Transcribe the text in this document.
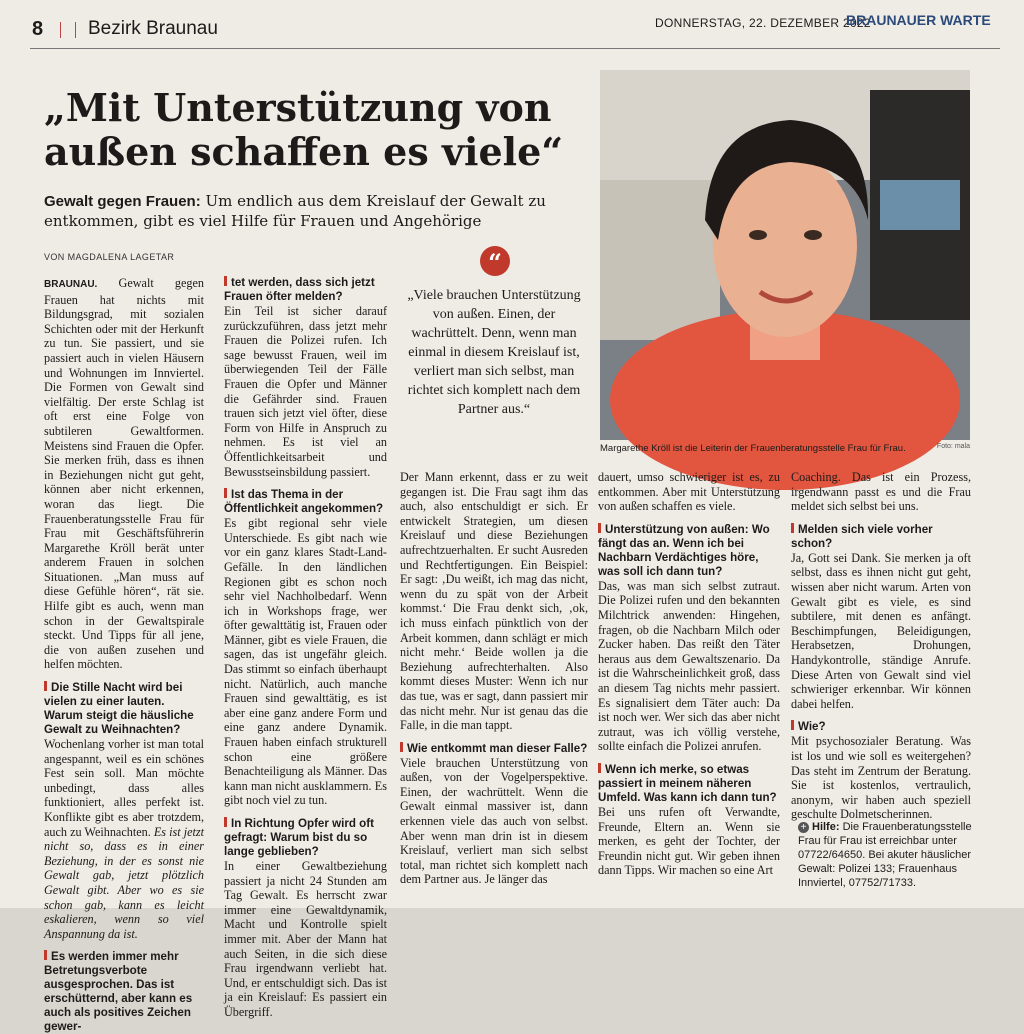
8 Bezirk Braunau	DONNERSTAG, 22. DEZEMBER 2022
BRAUNAUER WARTE
„Mit Unterstützung von
außen schaffen es viele“
Gewalt gegen Frauen: Um endlich aus dem Kreislauf der Gewalt zu entkommen, gibt es viel Hilfe für Frauen und Angehörige
VON MAGDALENA LAGETAR
Margarethe Kröll ist die Leiterin der Frauenberatungsstelle Frau für Frau.	Foto: mala
“
„Viele brauchen Unterstützung von außen. Einen, der wachrüttelt. Denn, wenn man einmal in diesem Kreislauf ist, verliert man sich selbst, man richtet sich komplett nach dem Partner aus.“

BRAUNAU. Gewalt gegen Frauen hat nichts mit Bildungsgrad, mit sozialen Schichten oder mit der Herkunft zu tun. Sie passiert, und sie passiert auch in vielen Häusern und Wohnungen im Innviertel. Die Formen von Gewalt sind vielfältig. Der erste Schlag ist oft erst eine Folge von subtileren Gewaltformen. Meistens sind Frauen die Opfer. Sie merken früh, dass es ihnen in Beziehungen nicht gut geht, können aber nicht erkennen, woran das liegt. Die Frauenberatungsstelle Frau für Frau mit Geschäftsführerin Margarethe Kröll berät unter anderem Frauen in solchen Situationen. „Man muss auf diese Gefühle hören“, rät sie. Hilfe gibt es auch, wenn man schon in der Gewaltspirale steckt. Und Tipps für all jene, die von außen zusehen und helfen möchten.

Die Stille Nacht wird bei vielen zu einer lauten. Warum steigt die häusliche Gewalt zu Weihnachten?

Wochenlang vorher ist man total angespannt, weil es ein schönes Fest sein soll. Man möchte unbedingt, dass alles funktioniert, alles perfekt ist. Konflikte gibt es aber trotzdem, auch zu Weihnachten. Es ist jetzt nicht so, dass es in einer Beziehung, in der es sonst nie Gewalt gab, jetzt plötzlich Gewalt gibt. Aber wo es sie schon gab, kann es leicht eskalieren, wenn so viel Anspannung da ist.

Es werden immer mehr Betretungsverbote ausgesprochen. Das ist erschütternd, aber kann es auch als positives Zeichen gewer-

tet werden, dass sich jetzt Frauen öfter melden?

Ein Teil ist sicher darauf zurückzuführen, dass jetzt mehr Frauen die Polizei rufen. Ich sage bewusst Frauen, weil im überwiegenden Teil der Fälle Frauen die Opfer und Männer die Gefährder sind. Frauen trauen sich jetzt viel öfter, diese Form von Hilfe in Anspruch zu nehmen. Es ist viel an Öffentlichkeitsarbeit und Bewusstseinsbildung passiert.

Ist das Thema in der Öffentlichkeit angekommen?

Es gibt regional sehr viele Unterschiede. Es gibt nach wie vor ein ganz klares Stadt-Land-Gefälle. In den ländlichen Regionen gibt es schon noch sehr viel Nachholbedarf. Wenn ich in Workshops frage, wer öfter gewalttätig ist, Frauen oder Männer, gibt es viele Frauen, die sagen, das ist ungefähr gleich. Das stimmt so einfach überhaupt nicht. Natürlich, auch manche Frauen sind gewalttätig, es ist aber eine ganz andere Form und eine ganz andere Dynamik. Frauen haben einfach strukturell schon eine größere Benachteiligung als Männer. Das kann man nicht ausklammern. Es gibt noch viel zu tun.

In Richtung Opfer wird oft gefragt: Warum bist du so lange geblieben?

In einer Gewaltbeziehung passiert ja nicht 24 Stunden am Tag Gewalt. Es herrscht zwar immer eine Gewaltdynamik, Macht und Kontrolle spielt immer mit. Aber der Mann hat auch Seiten, in die sich diese Frau irgendwann verliebt hat. Und, er entschuldigt sich. Das ist ja ein Kreislauf: Es passiert ein Übergriff.

Der Mann erkennt, dass er zu weit gegangen ist. Die Frau sagt ihm das auch, also entschuldigt er sich. Er entwickelt Strategien, um diesen Kreislauf und diese Beziehungen aufrechtzuerhalten. Er sucht Ausreden und Rechtfertigungen. Ein Beispiel: Er sagt: ‚Du weißt, ich mag das nicht, wenn du zu spät von der Arbeit kommst.‘ Die Frau denkt sich, ‚ok, ich muss einfach pünktlich von der Arbeit kommen, dann schlägt er mich nicht mehr.‘ Beide wollen ja die Beziehung aufrechterhalten. Also kommt dieses Muster: Wenn ich nur das tue, was er sagt, dann passiert mir das nicht mehr. Nur ist genau das die Falle, in die man tappt.

Wie entkommt man dieser Falle?

Viele brauchen Unterstützung von außen, von der Vogelperspektive. Einen, der wachrüttelt. Wenn die Gewalt einmal massiver ist, dann erkennen viele das auch von selbst. Aber wenn man drin ist in diesem Kreislauf, verliert man sich selbst total, man richtet sich komplett nach dem Partner aus. Je länger das

dauert, umso schwieriger ist es, zu entkommen. Aber mit Unterstützung von außen schaffen es viele.

Unterstützung von außen: Wo fängt das an. Wenn ich bei Nachbarn Verdächtiges höre, was soll ich dann tun?

Das, was man sich selbst zutraut. Die Polizei rufen und den bekannten Milchtrick anwenden: Hingehen, fragen, ob die Nachbarn Milch oder Zucker haben. Das reißt den Täter heraus aus dem Gewaltszenario. Da ist die Wahrscheinlichkeit groß, dass an diesem Tag nichts mehr passiert. Es signalisiert dem Täter auch: Da ist noch wer. Wer sich das aber nicht zutraut, was ich völlig verstehe, sollte einfach die Polizei anrufen.

Wenn ich merke, so etwas passiert in meinem näheren Umfeld. Was kann ich dann tun?

Bei uns rufen oft Verwandte, Freunde, Eltern an. Wenn sie merken, es geht der Tochter, der Freundin nicht gut. Wir geben ihnen dann Tipps. Wir machen so eine Art

Coaching. Das ist ein Prozess, irgendwann passt es und die Frau meldet sich selbst bei uns.

Melden sich viele vorher schon?

Ja, Gott sei Dank. Sie merken ja oft selbst, dass es ihnen nicht gut geht, wissen aber nicht warum. Arten von Gewalt gibt es viele, es sind subtilere, mit denen es anfängt. Beschimpfungen, Beleidigungen, Herabsetzen, Drohungen, Handykontrolle, ständige Anrufe. Diese Arten von Gewalt sind viel schwieriger erkennbar. Wir können dabei helfen.

Wie?

Mit psychosozialer Beratung. Was ist los und wie soll es weitergehen? Das steht im Zentrum der Beratung. Sie ist kostenlos, vertraulich, anonym, wir haben auch speziell geschulte Dolmetscherinnen.

+ Hilfe: Die Frauenberatungsstelle Frau für Frau ist erreichbar unter 07722/64650. Bei akuter häuslicher Gewalt: Polizei 133; Frauenhaus Innviertel, 07752/71733.
